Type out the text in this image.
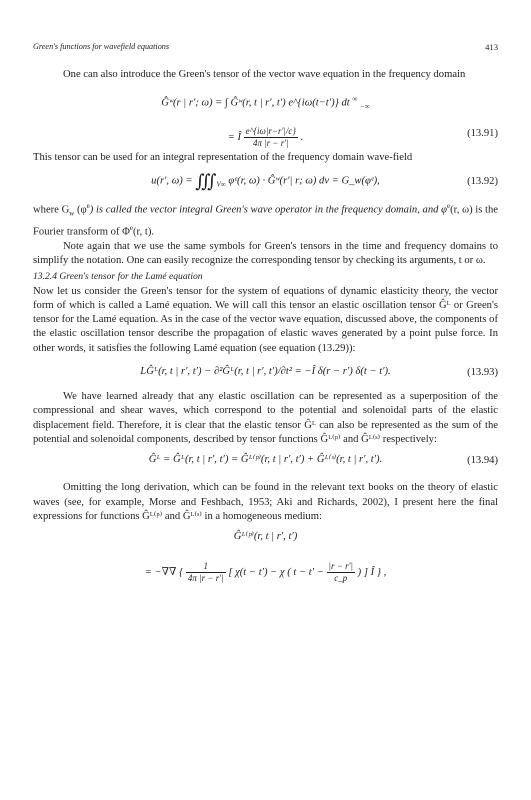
Green's functions for wavefield equations	413

One can also introduce the Green's tensor of the vector wave equation in the frequency domain

Ĝʷ(r | r′; ω) = ∫ Ĝʷ(r, t | r′, t′) e^{iω(t−t′)} dt ∞ $_{-\infty}$
= Î $\frac{e\^{}\{i\omega|r-r'|/c\}}{4\pi |r - r'|}$ .	(13.91)

This tensor can be used for an integral representation of the frequency domain wave-field

u(r′, $\omega) = ∭_{V\infty}$ φᵉ(r, ω) · Ĝʷ(r′| r; ω) dv = G_w(φᵉ),	(13.92)

where $G_w$ $(\varphi^e)$ is called the vector integral Green's wave operator in the frequency domain, and $\varphi^e(r$, ω) is the Fourier transform of $\Phi^e(r$, t).

Note again that we use the same symbols for Green's tensors in the time and frequency domains to simplify the notation. One can easily recognize the corresponding tensor by checking its arguments, t or ω.

13.2.4 Green's tensor for the Lamé equation

Now let us consider the Green's tensor for the system of equations of dynamic elasticity theory, the vector form of which is called a Lamé equation. We will call this tensor an elastic oscillation tensor Ĝᴸ or Green's tensor for the Lamé equation. As in the case of the vector wave equation, discussed above, the components of the elastic oscillation tensor describe the propagation of elastic waves generated by a point pulse force. In other words, it satisfies the following Lamé equation (see equation (13.29)):

LĜᴸ(r, t | r′, t′) − ∂²Ĝᴸ(r, t | r′, t′)/∂t² = −Î δ(r − r′) δ(t − t′).	(13.93)

We have learned already that any elastic oscillation can be represented as a superposition of the compressional and shear waves, which correspond to the potential and solenoidal parts of the elastic displacement field. Therefore, it is clear that the elastic tensor Ĝᴸ can also be represented as the sum of the potential and solenoidal components, described by tensor functions Ĝᴸ⁽ᵖ⁾ and Ĝᴸ⁽ˢ⁾ respectively:

Ĝᴸ = Ĝᴸ(r, t | r′, t′) = Ĝᴸ⁽ᵖ⁾(r, t | r′, t′) + Ĝᴸ⁽ˢ⁾(r, t | r′, t′).	(13.94)

Omitting the long derivation, which can be found in the relevant text books on the theory of elastic waves (see, for example, Morse and Feshbach, 1953; Aki and Richards, 2002), I present here the final expressions for functions Ĝᴸ⁽ᵖ⁾ and Ĝᴸ⁽ˢ⁾ in a homogeneous medium:

Ĝᴸ⁽ᵖ⁾(r, t | r′, t′)
= −∇∇ { $\frac{1}{4\pi |r - r'|}$ [ χ(t − t′) − χ ( $t - t' - \frac{|r - r'|}{c\_p}$ ) ] Î } ,
